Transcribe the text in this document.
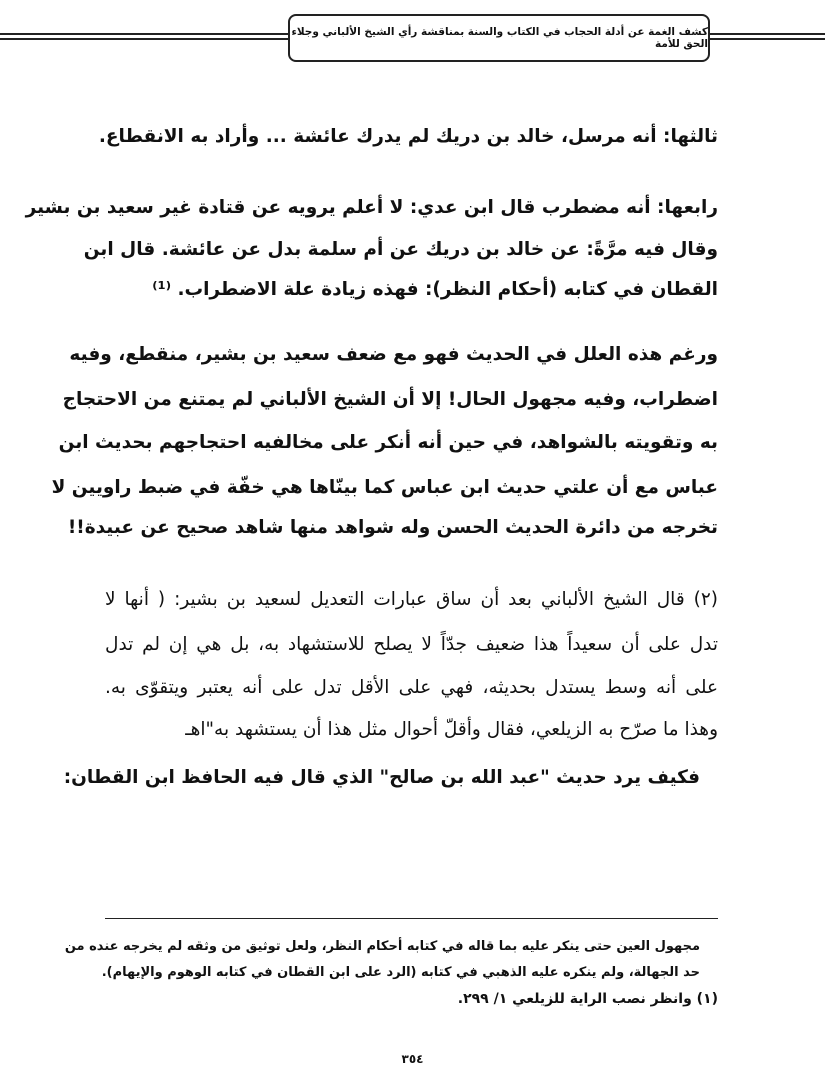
كشف الغمة عن أدلة الحجاب في الكتاب والسنة بمناقشة رأي الشيخ الألباني وجلاء الحق للأمة
ثالثها: أنه مرسل، خالد بن دريك لم يدرك عائشة ... وأراد به الانقطاع.
رابعها: أنه مضطرب قال ابن عدي: لا أعلم يرويه عن قتادة غير سعيد بن بشير
وقال فيه مرَّةً: عن خالد بن دريك عن أم سلمة بدل عن عائشة. قال ابن
القطان في كتابه (أحكام النظر): فهذه زيادة علة الاضطراب. ⁽¹⁾
ورغم هذه العلل في الحديث فهو مع ضعف سعيد بن بشير، منقطع، وفيه
اضطراب، وفيه مجهول الحال! إلا أن الشيخ الألباني لم يمتنع من الاحتجاج
به وتقويته بالشواهد، في حين أنه أنكر على مخالفيه احتجاجهم بحديث ابن
عباس مع أن علتي حديث ابن عباس كما بينّاها هي خفّة في ضبط راويين لا
تخرجه من دائرة الحديث الحسن وله شواهد منها شاهد صحيح عن عبيدة!!
(٢) قال الشيخ الألباني بعد أن ساق عبارات التعديل لسعيد بن بشير: ( أنها لا
تدل على أن سعيداً هذا ضعيف جدّاً لا يصلح للاستشهاد به، بل هي إن لم تدل
على أنه وسط يستدل بحديثه، فهي على الأقل تدل على أنه يعتبر ويتقوّى به.
وهذا ما صرّح به الزيلعي، فقال وأقلّ أحوال مثل هذا أن يستشهد به"اهـ
فكيف يرد حديث "عبد الله بن صالح" الذي قال فيه الحافظ ابن القطان:
مجهول العين حتى ينكر عليه بما قاله في كتابه أحكام النظر، ولعل توثيق من وثقه لم يخرجه عنده من
حد الجهالة، ولم ينكره عليه الذهبي في كتابه (الرد على ابن القطان في كتابه الوهوم والإيهام).
(١) وانظر نصب الراية للزيلعي ١/ ٢٩٩.
٣٥٤
